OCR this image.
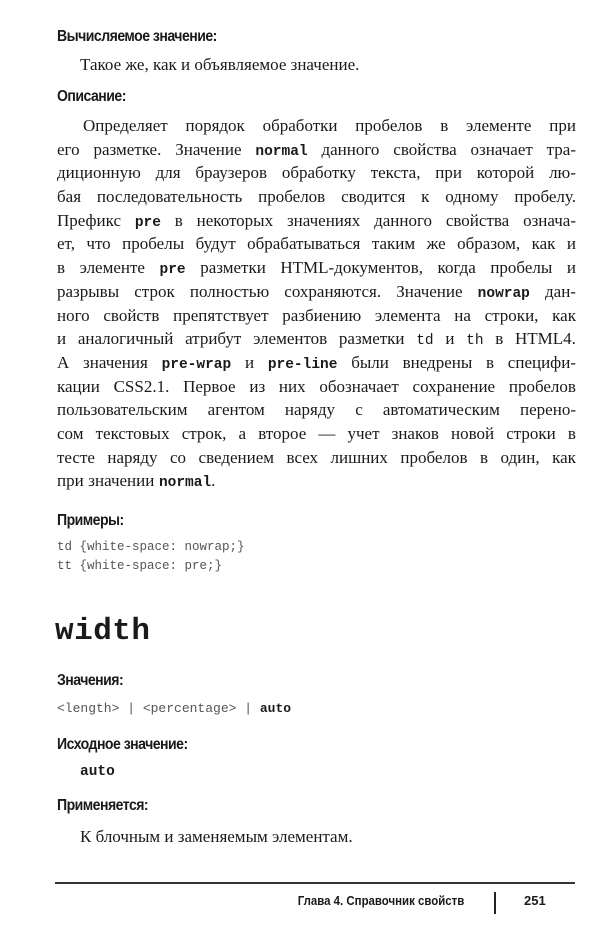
Вычисляемое значение:
Такое же, как и объявляемое значение.
Описание:
Определяет порядок обработки пробелов в элементе при
его разметке. Значение normal данного свойства означает тра-
диционную для браузеров обработку текста, при которой лю-
бая последовательность пробелов сводится к одному пробелу.
Префикс pre в некоторых значениях данного свойства означа-
ет, что пробелы будут обрабатываться таким же образом, как и
в элементе pre разметки HTML-документов, когда пробелы и
разрывы строк полностью сохраняются. Значение nowrap дан-
ного свойств препятствует разбиению элемента на строки, как
и аналогичный атрибут элементов разметки td и th в HTML4.
А значения pre-wrap и pre-line были внедрены в специфи-
кации CSS2.1. Первое из них обозначает сохранение пробелов
пользовательским агентом наряду с автоматическим перено-
сом текстовых строк, а второе — учет знаков новой строки в
тесте наряду со сведением всех лишних пробелов в один, как
при значении normal.
Примеры:
td {white-space: nowrap;}
tt {white-space: pre;}
width
Значения:
<length> | <percentage> | auto
Исходное значение:
auto
Применяется:
К блочным и заменяемым элементам.
Глава 4. Справочник свойств	251
